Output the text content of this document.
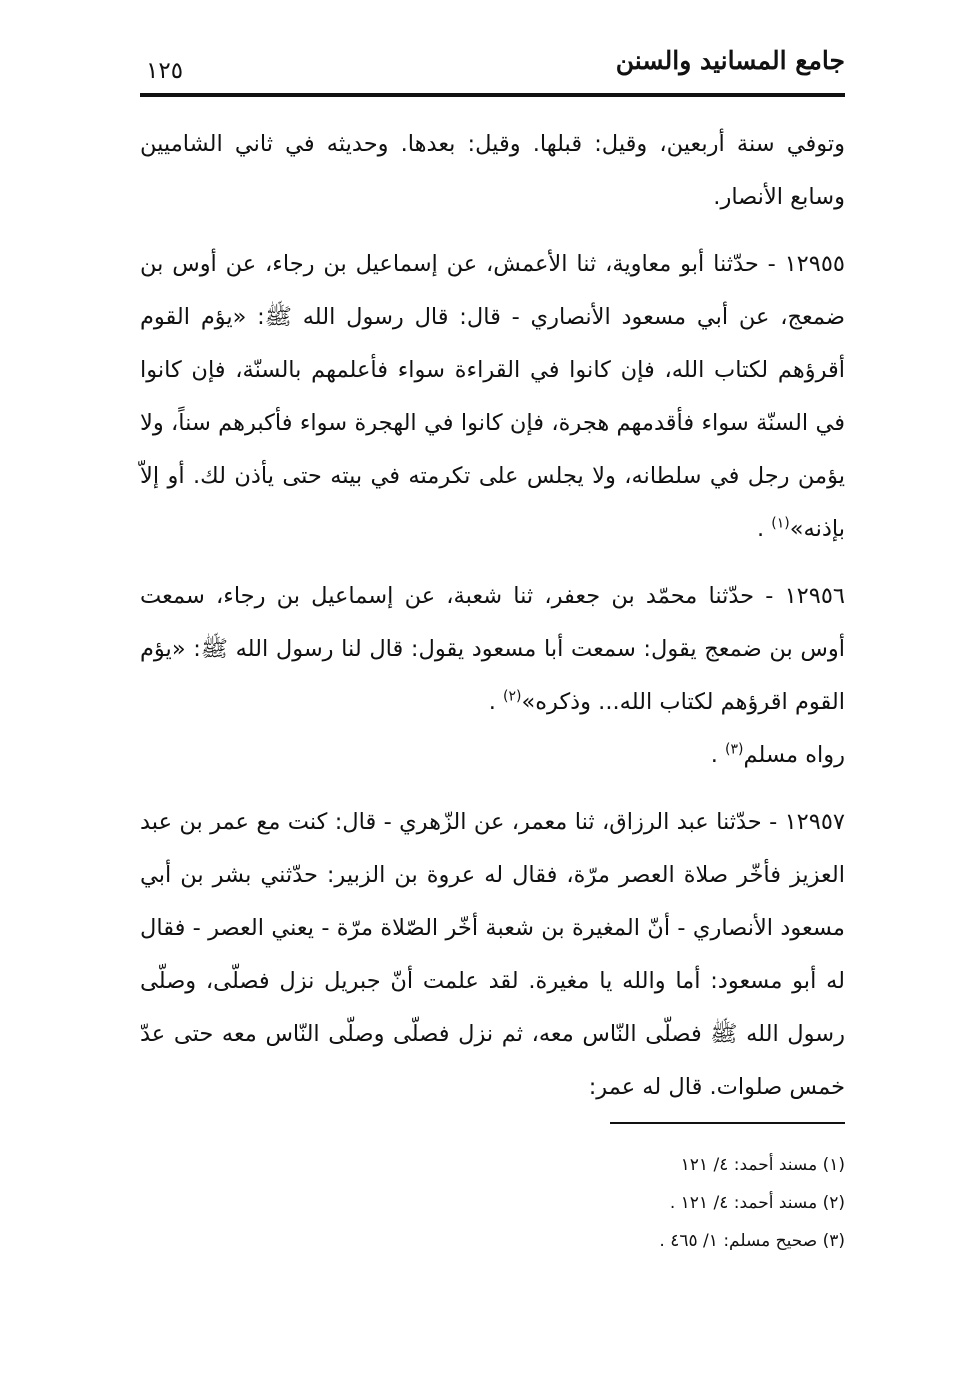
جامع المسانيد والسنن
١٢٥

وتوفي سنة أربعين، وقيل: قبلها. وقيل: بعدها. وحديثه في ثاني الشاميين وسابع الأنصار.

١٢٩٥٥ - حدّثنا أبو معاوية، ثنا الأعمش، عن إسماعيل بن رجاء، عن أوس بن ضمعج، عن أبي مسعود الأنصاري - قال: قال رسول الله ﷺ: «يؤم القوم أقرؤهم لكتاب الله، فإن كانوا في القراءة سواء فأعلمهم بالسنّة، فإن كانوا في السنّة سواء فأقدمهم هجرة، فإن كانوا في الهجرة سواء فأكبرهم سناً، ولا يؤمن رجل في سلطانه، ولا يجلس على تكرمته في بيته حتى يأذن لك. أو إلاّ بإذنه»$^{(١)}$ .

١٢٩٥٦ - حدّثنا محمّد بن جعفر، ثنا شعبة، عن إسماعيل بن رجاء، سمعت أوس بن ضمعج يقول: سمعت أبا مسعود يقول: قال لنا رسول الله ﷺ: «يؤم القوم اقرؤهم لكتاب الله... وذكره»$^{(٢)}$ .

رواه مسلم$^{(٣)}$ .

١٢٩٥٧ - حدّثنا عبد الرزاق، ثنا معمر، عن الزّهري - قال: كنت مع عمر بن عبد العزيز فأخّر صلاة العصر مرّة، فقال له عروة بن الزبير: حدّثني بشر بن أبي مسعود الأنصاري - أنّ المغيرة بن شعبة أخّر الصّلاة مرّة - يعني العصر - فقال له أبو مسعود: أما والله يا مغيرة. لقد علمت أنّ جبريل نزل فصلّى، وصلّى رسول الله ﷺ فصلّى النّاس معه، ثم نزل فصلّى وصلّى النّاس معه حتى عدّ خمس صلوات. قال له عمر:

(١) مسند أحمد: ٤/ ١٢١
(٢) مسند أحمد: ٤/ ١٢١ .
(٣) صحيح مسلم: ١/ ٤٦٥ .
